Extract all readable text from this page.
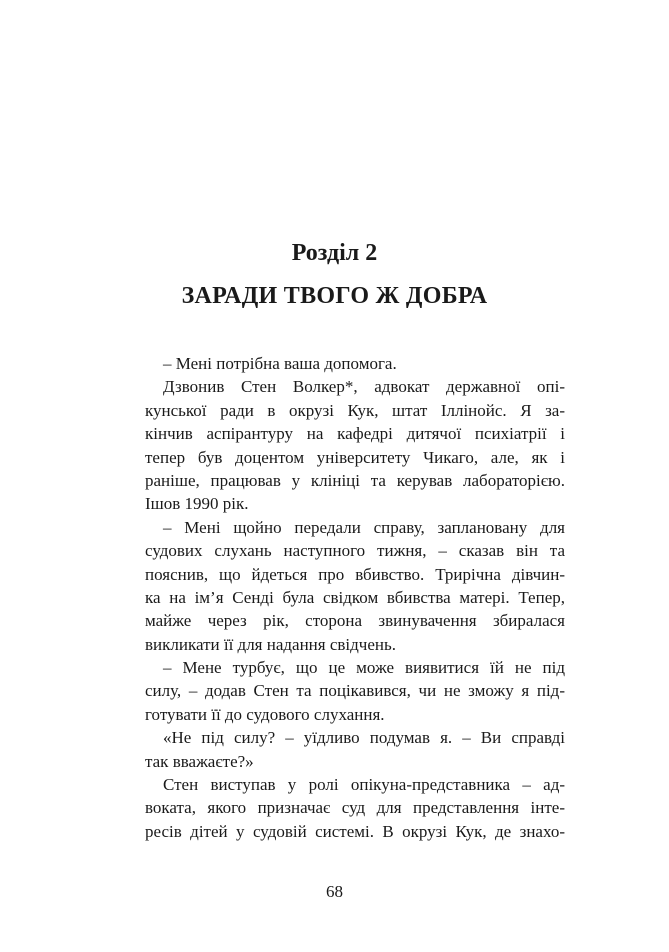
Розділ 2
ЗАРАДИ ТВОГО Ж ДОБРА
– Мені потрібна ваша допомога.
Дзвонив Стен Волкер*, адвокат державної опі-
кунської ради в окрузі Кук, штат Іллінойс. Я за-
кінчив аспірантуру на кафедрі дитячої психіатрії і
тепер був доцентом університету Чикаго, але, як і
раніше, працював у клініці та керував лабораторією.
Ішов 1990 рік.
– Мені щойно передали справу, заплановану для
судових слухань наступного тижня, – сказав він та
пояснив, що йдеться про вбивство. Трирічна дівчин-
ка на ім’я Сенді була свідком вбивства матері. Тепер,
майже через рік, сторона звинувачення збиралася
викликати її для надання свідчень.
– Мене турбує, що це може виявитися їй не під
силу, – додав Стен та поцікавився, чи не зможу я під-
готувати її до судового слухання.
«Не під силу? – уїдливо подумав я. – Ви справді
так вважаєте?»
Стен виступав у ролі опікуна-представника – ад-
воката, якого призначає суд для представлення інте-
ресів дітей у судовій системі. В окрузі Кук, де знахо-
68
